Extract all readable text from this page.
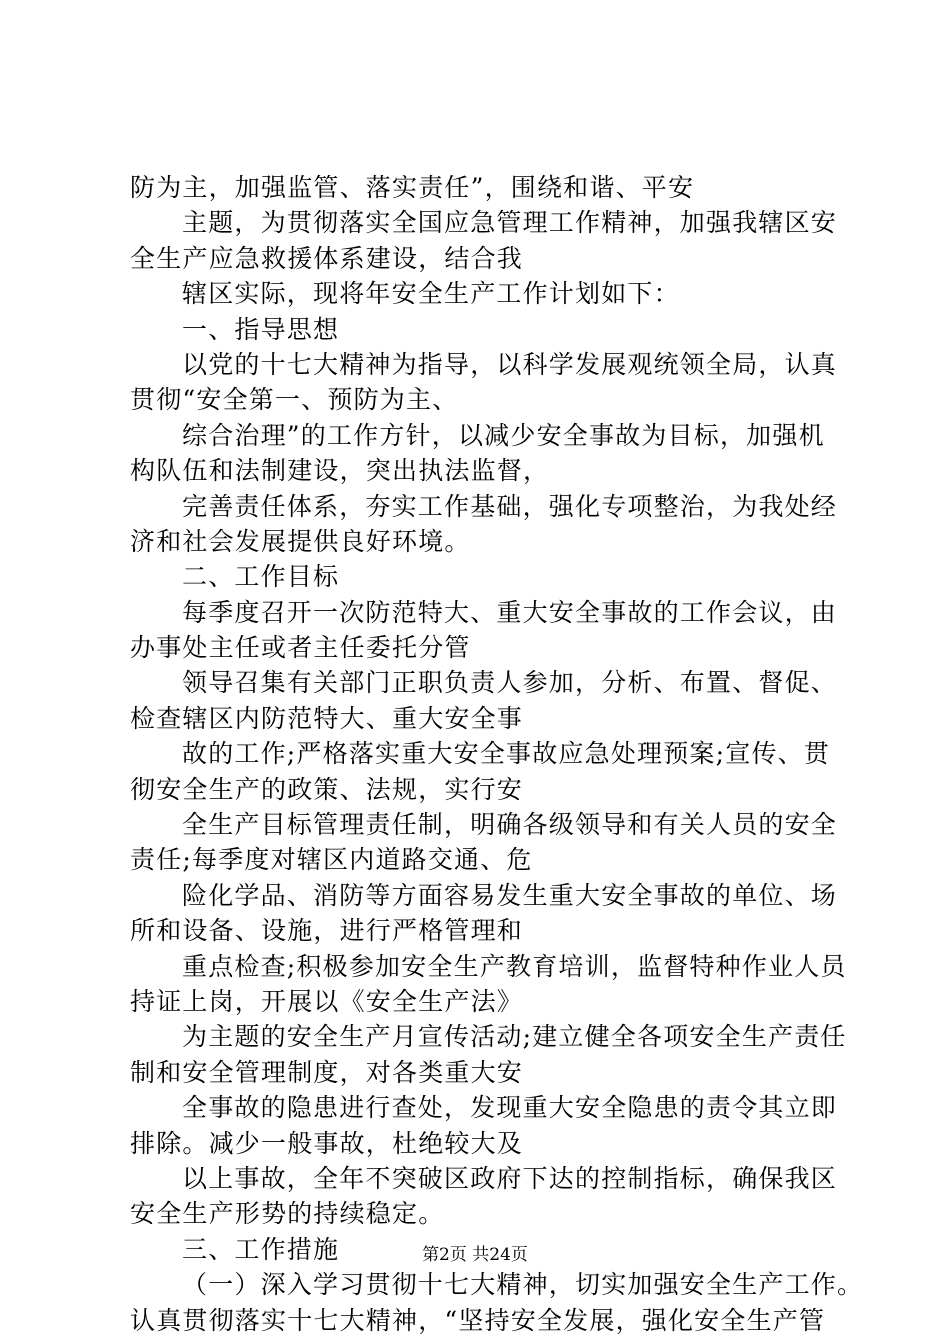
防为主，加强监管、落实责任”，围绕和谐、平安
主题，为贯彻落实全国应急管理工作精神，加强我辖区安
全生产应急救援体系建设，结合我
辖区实际，现将年安全生产工作计划如下：
一、指导思想
以党的十七大精神为指导，以科学发展观统领全局，认真
贯彻“安全第一、预防为主、
综合治理”的工作方针，以减少安全事故为目标，加强机
构队伍和法制建设，突出执法监督，
完善责任体系，夯实工作基础，强化专项整治，为我处经
济和社会发展提供良好环境。
二、工作目标
每季度召开一次防范特大、重大安全事故的工作会议，由
办事处主任或者主任委托分管
领导召集有关部门正职负责人参加，分析、布置、督促、
检查辖区内防范特大、重大安全事
故的工作;严格落实重大安全事故应急处理预案;宣传、贯
彻安全生产的政策、法规，实行安
全生产目标管理责任制，明确各级领导和有关人员的安全
责任;每季度对辖区内道路交通、危
险化学品、消防等方面容易发生重大安全事故的单位、场
所和设备、设施，进行严格管理和
重点检查;积极参加安全生产教育培训，监督特种作业人员
持证上岗，开展以《安全生产法》
为主题的安全生产月宣传活动;建立健全各项安全生产责任
制和安全管理制度，对各类重大安
全事故的隐患进行查处，发现重大安全隐患的责令其立即
排除。减少一般事故，杜绝较大及
以上事故，全年不突破区政府下达的控制指标，确保我区
安全生产形势的持续稳定。
三、工作措施
（一）深入学习贯彻十七大精神，切实加强安全生产工作。
认真贯彻落实十七大精神，“坚持安全发展，强化安全生产管
第2页 共24页
